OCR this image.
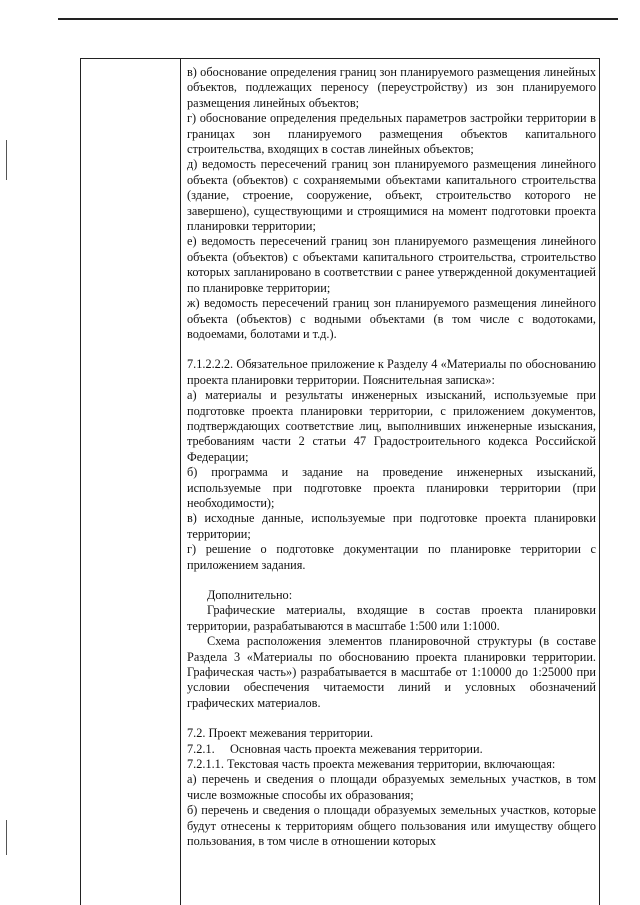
в) обоснование определения границ зон планируемого размещения линейных объектов, подлежащих переносу (переустройству) из зон планируемого размещения линейных объектов;

г) обоснование определения предельных параметров застройки территории в границах зон планируемого размещения объектов капитального строительства, входящих в состав линейных объектов;

д) ведомость пересечений границ зон планируемого размещения линейного объекта (объектов) с сохраняемыми объектами капитального строительства (здание, строение, сооружение, объект, строительство которого не завершено), существующими и строящимися на момент подготовки проекта планировки территории;

е) ведомость пересечений границ зон планируемого размещения линейного объекта (объектов) с объектами капитального строительства, строительство которых запланировано в соответствии с ранее утвержденной документацией по планировке территории;

ж) ведомость пересечений границ зон планируемого размещения линейного объекта (объектов) с водными объектами (в том числе с водотоками, водоемами, болотами и т.д.).

7.1.2.2.2. Обязательное приложение к Разделу 4 «Материалы по обоснованию проекта планировки территории. Пояснительная записка»:

а) материалы и результаты инженерных изысканий, используемые при подготовке проекта планировки территории, с приложением документов, подтверждающих соответствие лиц, выполнивших инженерные изыскания, требованиям части 2 статьи 47 Градостроительного кодекса Российской Федерации;

б) программа и задание на проведение инженерных изысканий, используемые при подготовке проекта планировки территории (при необходимости);

в) исходные данные, используемые при подготовке проекта планировки территории;

г) решение о подготовке документации по планировке территории с приложением задания.

Дополнительно:

Графические материалы, входящие в состав проекта планировки территории, разрабатываются в масштабе 1:500 или 1:1000.

Схема расположения элементов планировочной структуры (в составе Раздела 3 «Материалы по обоснованию проекта планировки территории. Графическая часть») разрабатывается в масштабе от 1:10000 до 1:25000 при условии обеспечения читаемости линий и условных обозначений графических материалов.

7.2. Проект межевания территории.

7.2.1.     Основная часть проекта межевания территории.

7.2.1.1. Текстовая часть проекта межевания территории, включающая:

а) перечень и сведения о площади образуемых земельных участков, в том числе возможные способы их образования;

б) перечень и сведения о площади образуемых земельных участков, которые будут отнесены к территориям общего пользования или имуществу общего пользования, в том числе в отношении которых
